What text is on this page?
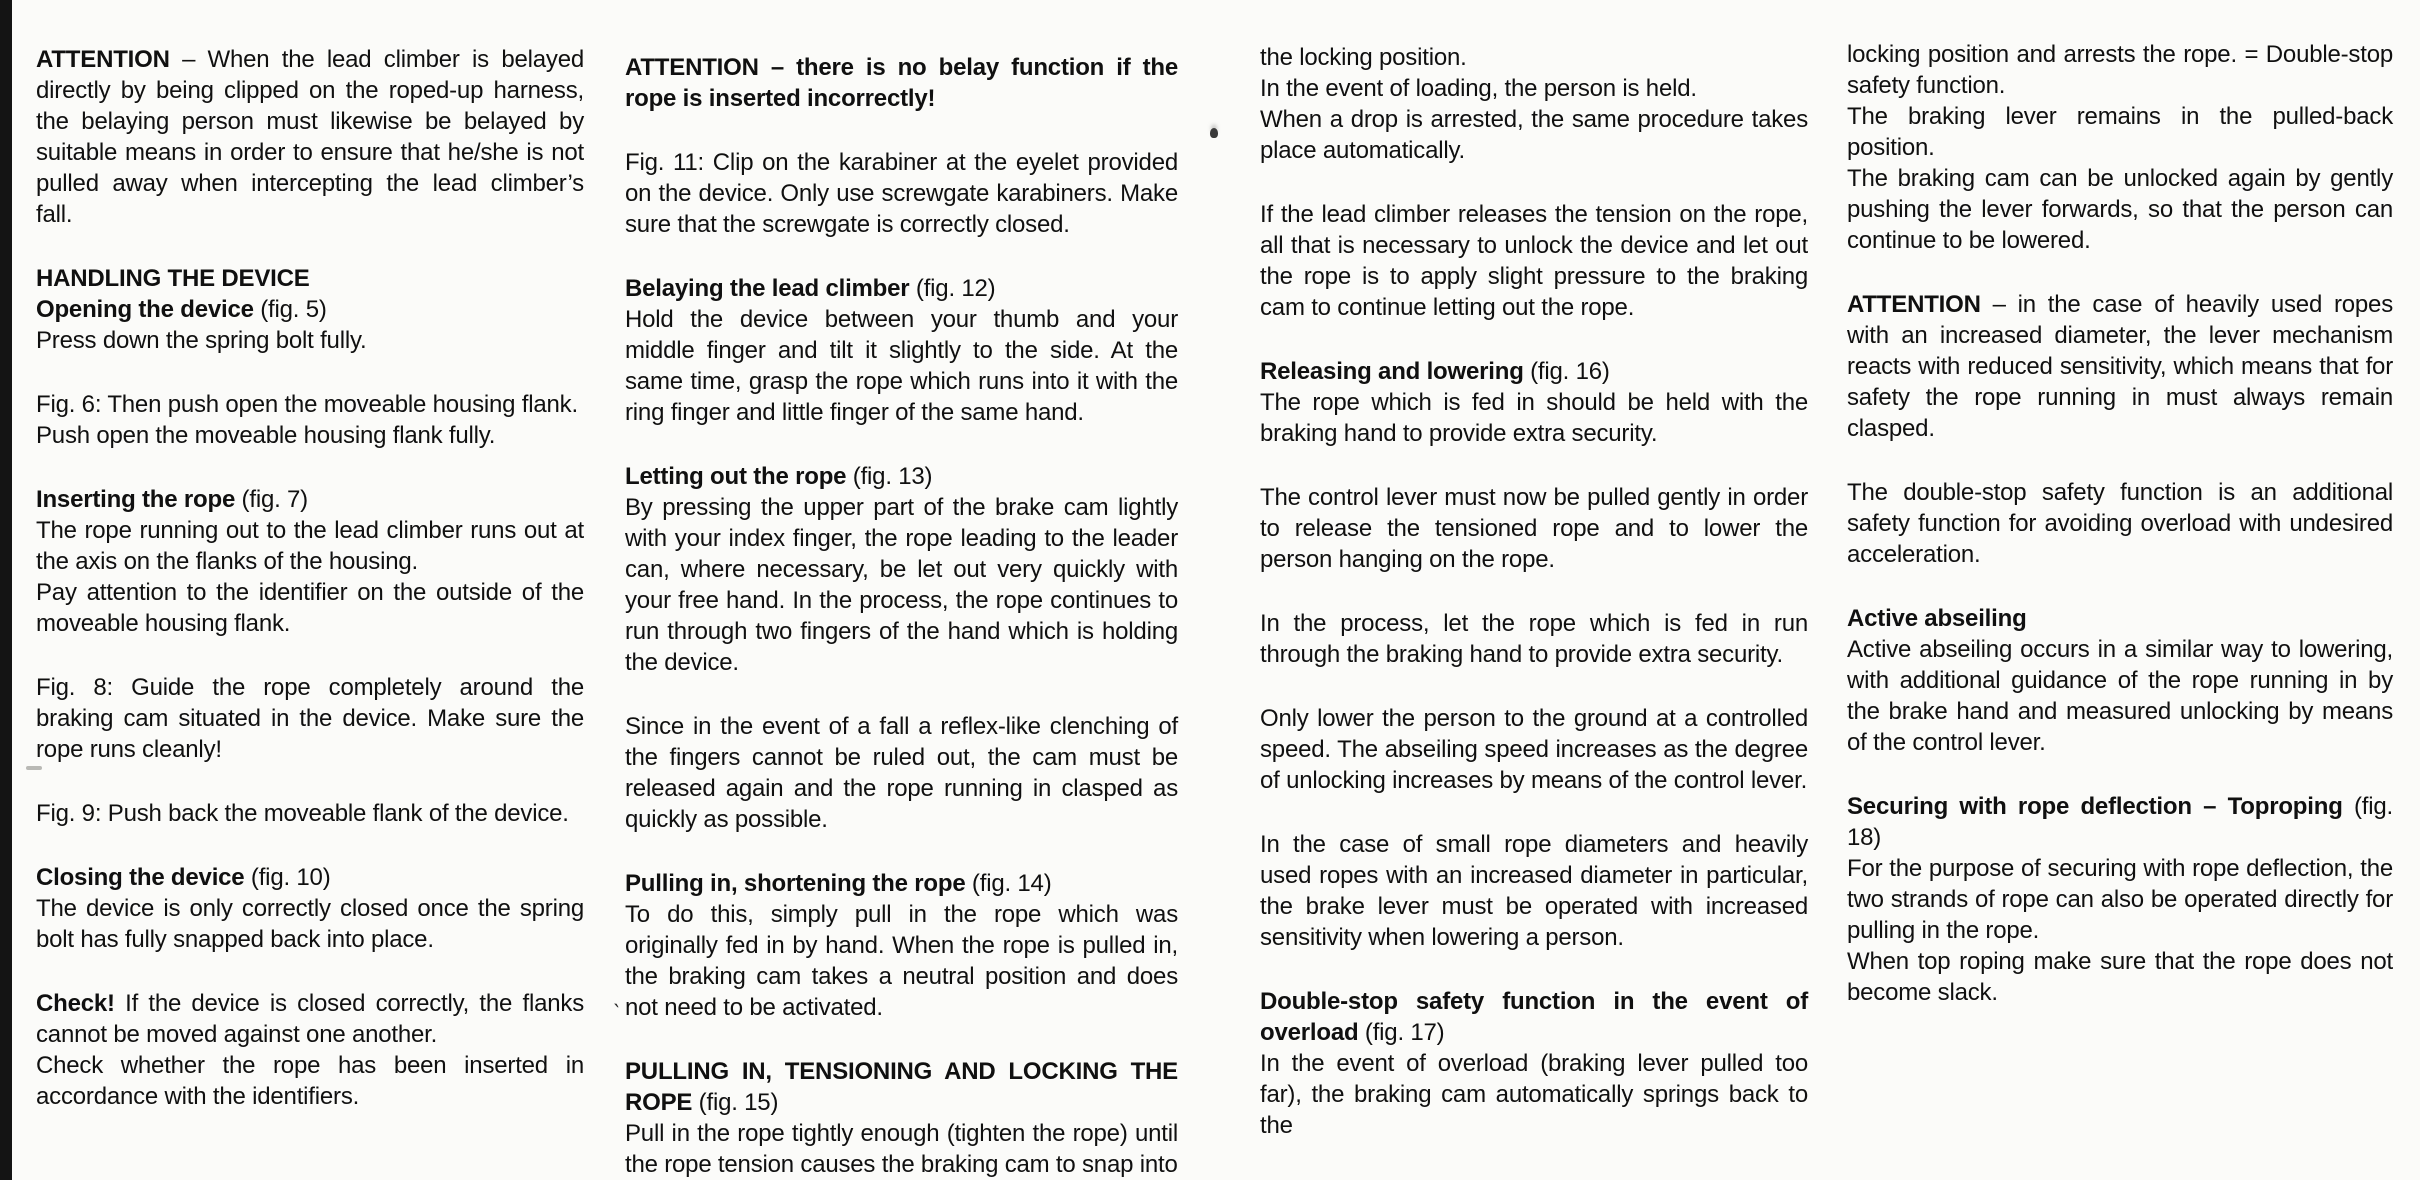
ATTENTION – When the lead climber is belayed directly by being clipped on the roped-up harness, the belaying person must likewise be belayed by suitable means in order to ensure that he/she is not pulled away when intercepting the lead climber’s fall.
HANDLING THE DEVICE
Opening the device (fig. 5)
Press down the spring bolt fully.
Fig. 6: Then push open the moveable housing flank.
Push open the moveable housing flank fully.
Inserting the rope (fig. 7)
The rope running out to the lead climber runs out at the axis on the flanks of the housing.
Pay attention to the identifier on the outside of the moveable housing flank.
Fig. 8: Guide the rope completely around the braking cam situated in the device. Make sure the rope runs cleanly!
Fig. 9: Push back the moveable flank of the device.
Closing the device (fig. 10)
The device is only correctly closed once the spring bolt has fully snapped back into place.
Check! If the device is closed correctly, the flanks cannot be moved against one another.
Check whether the rope has been inserted in accordance with the identifiers.
ATTENTION – there is no belay function if the rope is inserted incorrectly!
Fig. 11: Clip on the karabiner at the eyelet provided on the device. Only use screwgate karabiners. Make sure that the screwgate is correctly closed.
Belaying the lead climber (fig. 12)
Hold the device between your thumb and your middle finger and tilt it slightly to the side. At the same time, grasp the rope which runs into it with the ring finger and little finger of the same hand.
Letting out the rope (fig. 13)
By pressing the upper part of the brake cam lightly with your index finger, the rope leading to the leader can, where necessary, be let out very quickly with your free hand. In the process, the rope continues to run through two fingers of the hand which is holding the device.
Since in the event of a fall a reflex-like clenching of the fingers cannot be ruled out, the cam must be released again and the rope running in clasped as quickly as possible.
Pulling in, shortening the rope (fig. 14)
To do this, simply pull in the rope which was originally fed in by hand. When the rope is pulled in, the braking cam takes a neutral position and does not need to be activated.
PULLING IN, TENSIONING AND LOCKING THE ROPE (fig. 15)
Pull in the rope tightly enough (tighten the rope) until the rope tension causes the braking cam to snap into
the locking position.
In the event of loading, the person is held.
When a drop is arrested, the same procedure takes place automatically.
If the lead climber releases the tension on the rope, all that is necessary to unlock the device and let out the rope is to apply slight pressure to the braking cam to continue letting out the rope.
Releasing and lowering (fig. 16)
The rope which is fed in should be held with the braking hand to provide extra security.
The control lever must now be pulled gently in order to release the tensioned rope and to lower the person hanging on the rope.
In the process, let the rope which is fed in run through the braking hand to provide extra security.
Only lower the person to the ground at a controlled speed. The abseiling speed increases as the degree of unlocking increases by means of the control lever.
In the case of small rope diameters and heavily used ropes with an increased diameter in particular, the brake lever must be operated with increased sensitivity when lowering a person.
Double-stop safety function in the event of overload (fig. 17)
In the event of overload (braking lever pulled too far), the braking cam automatically springs back to the
locking position and arrests the rope. = Double-stop safety function.
The braking lever remains in the pulled-back position.
The braking cam can be unlocked again by gently pushing the lever forwards, so that the person can continue to be lowered.
ATTENTION – in the case of heavily used ropes with an increased diameter, the lever mechanism reacts with reduced sensitivity, which means that for safety the rope running in must always remain clasped.
The double-stop safety function is an additional safety function for avoiding overload with undesired acceleration.
Active abseiling
Active abseiling occurs in a similar way to lowering, with additional guidance of the rope running in by the brake hand and measured unlocking by means of the control lever.
Securing with rope deflection – Toproping (fig. 18)
For the purpose of securing with rope deflection, the two strands of rope can also be operated directly for pulling in the rope.
When top roping make sure that the rope does not become slack.
`
